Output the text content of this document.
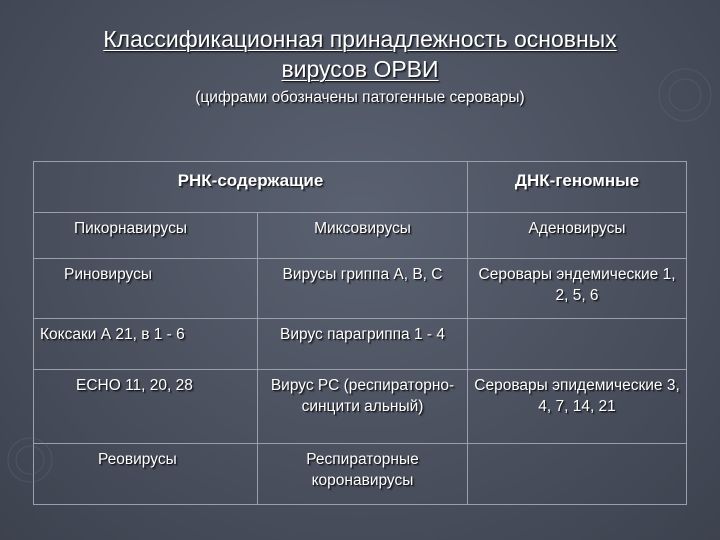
Классификационная принадлежность основных
вирусов ОРВИ
(цифрами обозначены патогенные серовары)
РНК-содержащие		ДНК-геномные
Пикорнавирусы	Миксовирусы	Аденовирусы
Риновирусы	Вирусы гриппа А, В, С	Серовары эндемические 1, 2, 5, 6
Коксаки А 21, в 1 - 6	Вирус парагриппа 1 - 4	
ЕСНО 11, 20, 28	Вирус РС (респираторно-синцити альный)	Серовары эпидемические 3, 4, 7, 14, 21
Реовирусы	Респираторные коронавирусы	
